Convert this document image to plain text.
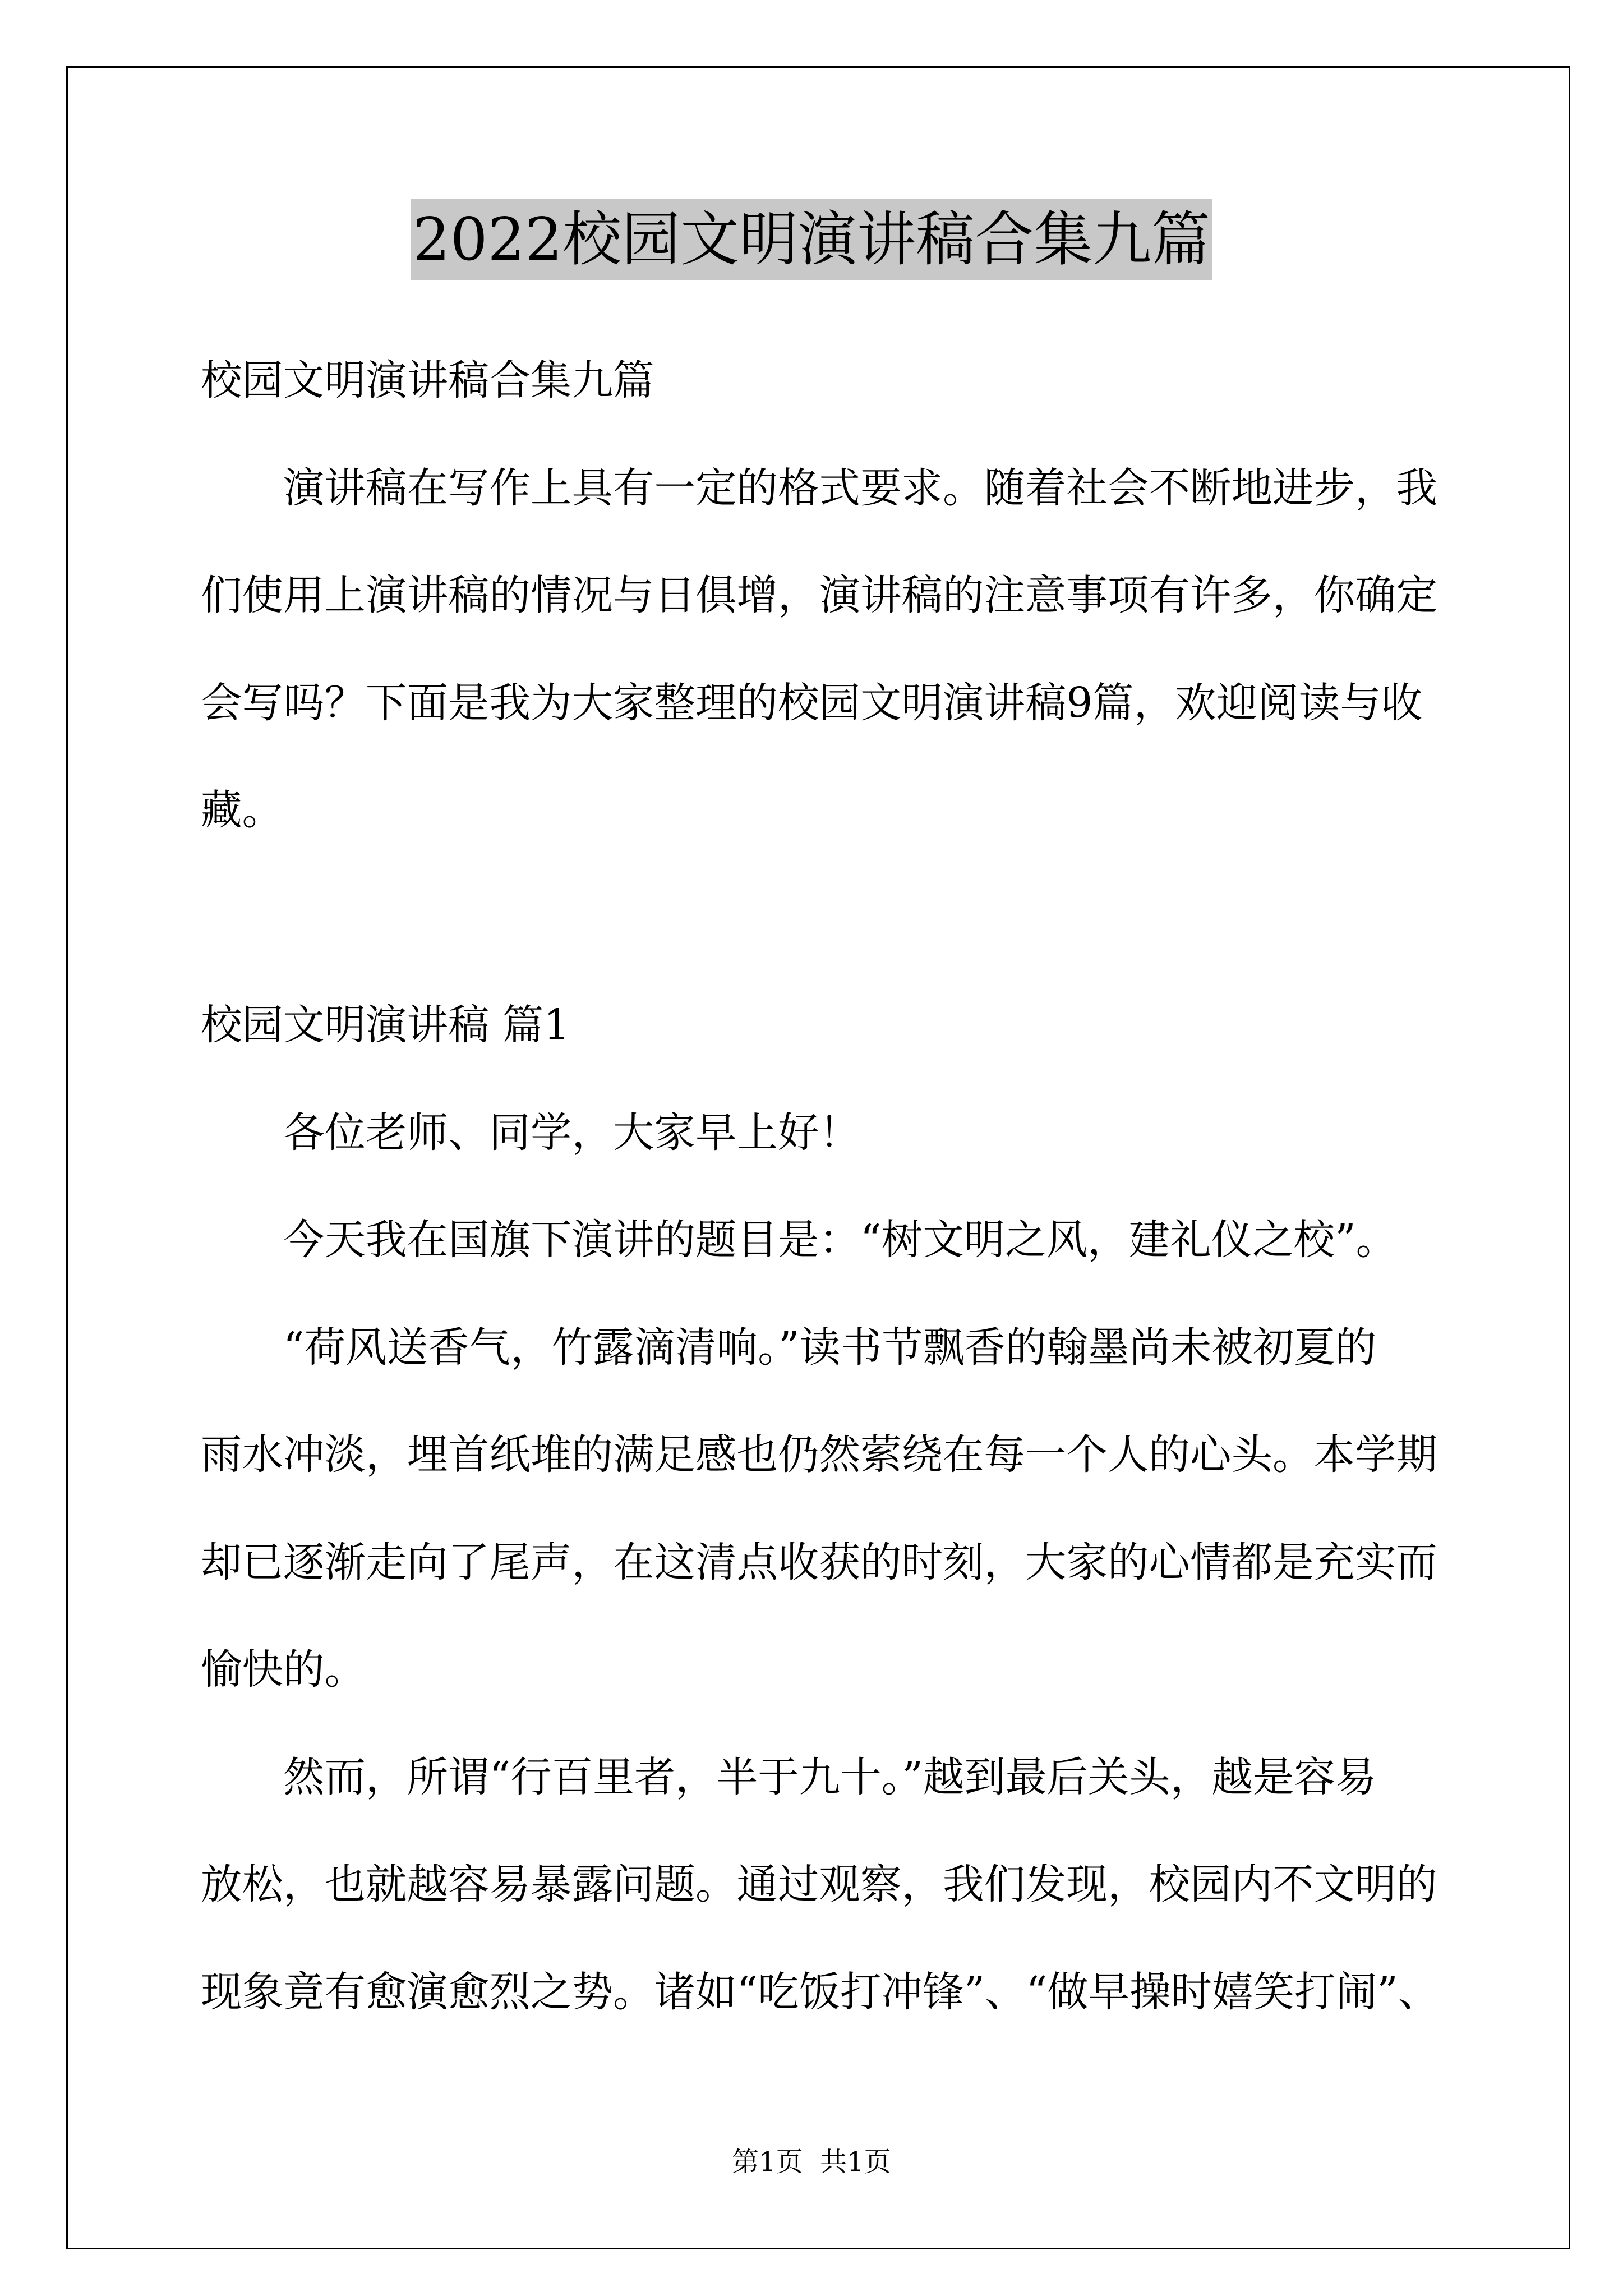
2022校园文明演讲稿合集九篇
校园文明演讲稿合集九篇
演讲稿在写作上具有一定的格式要求。随着社会不断地进步，我
们使用上演讲稿的情况与日俱增，演讲稿的注意事项有许多，你确定
会写吗？下面是我为大家整理的校园文明演讲稿9篇，欢迎阅读与收
藏。
校园文明演讲稿 篇1
各位老师、同学，大家早上好！
今天我在国旗下演讲的题目是：“树文明之风，建礼仪之校”。
“荷风送香气，竹露滴清响。”读书节飘香的翰墨尚未被初夏的
雨水冲淡，埋首纸堆的满足感也仍然萦绕在每一个人的心头。本学期
却已逐渐走向了尾声，在这清点收获的时刻，大家的心情都是充实而
愉快的。
然而，所谓“行百里者，半于九十。”越到最后关头，越是容易
放松，也就越容易暴露问题。通过观察，我们发现，校园内不文明的
现象竟有愈演愈烈之势。诸如“吃饭打冲锋”、“做早操时嬉笑打闹”、
第1页  共1页
